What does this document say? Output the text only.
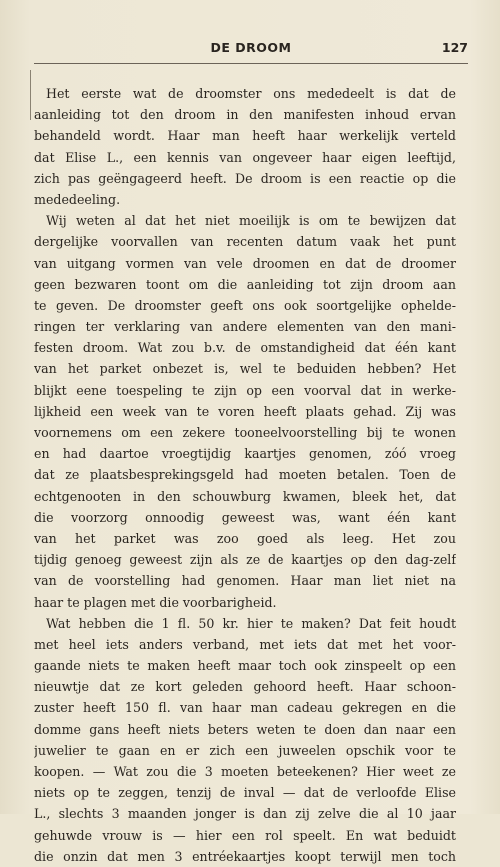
DE DROOM	127
Het eerste wat de droomster ons mededeelt is dat de
aanleiding tot den droom in den manifesten inhoud ervan
behandeld wordt. Haar man heeft haar werkelijk verteld
dat Elise L., een kennis van ongeveer haar eigen leeftijd,
zich pas geëngageerd heeft. De droom is een reactie op die
mededeeling.
Wij weten al dat het niet moeilijk is om te bewijzen dat
dergelijke voorvallen van recenten datum vaak het punt
van uitgang vormen van vele droomen en dat de droomer
geen bezwaren toont om die aanleiding tot zijn droom aan
te geven. De droomster geeft ons ook soortgelijke ophelde-
ringen ter verklaring van andere elementen van den mani-
festen droom. Wat zou b.v. de omstandigheid dat één kant
van het parket onbezet is, wel te beduiden hebben? Het
blijkt eene toespeling te zijn op een voorval dat in werke-
lijkheid een week van te voren heeft plaats gehad. Zij was
voornemens om een zekere tooneelvoorstelling bij te wonen
en had daartoe vroegtijdig kaartjes genomen, zóó vroeg
dat ze plaatsbesprekingsgeld had moeten betalen. Toen de
echtgenooten in den schouwburg kwamen, bleek het, dat
die voorzorg onnoodig geweest was, want één kant
van het parket was zoo goed als leeg. Het zou
tijdig genoeg geweest zijn als ze de kaartjes op den dag-zelf
van de voorstelling had genomen. Haar man liet niet na
haar te plagen met die voorbarigheid.
Wat hebben die 1 fl. 50 kr. hier te maken? Dat feit houdt
met heel iets anders verband, met iets dat met het voor-
gaande niets te maken heeft maar toch ook zinspeelt op een
nieuwtje dat ze kort geleden gehoord heeft. Haar schoon-
zuster heeft 150 fl. van haar man cadeau gekregen en die
domme gans heeft niets beters weten te doen dan naar een
juwelier te gaan en er zich een juweelen opschik voor te
koopen. — Wat zou die 3 moeten beteekenen? Hier weet ze
niets op te zeggen, tenzij de inval — dat de verloofde Elise
L., slechts 3 maanden jonger is dan zij zelve die al 10 jaar
gehuwde vrouw is — hier een rol speelt. En wat beduidt
die onzin dat men 3 entréekaartjes koopt terwijl men toch
